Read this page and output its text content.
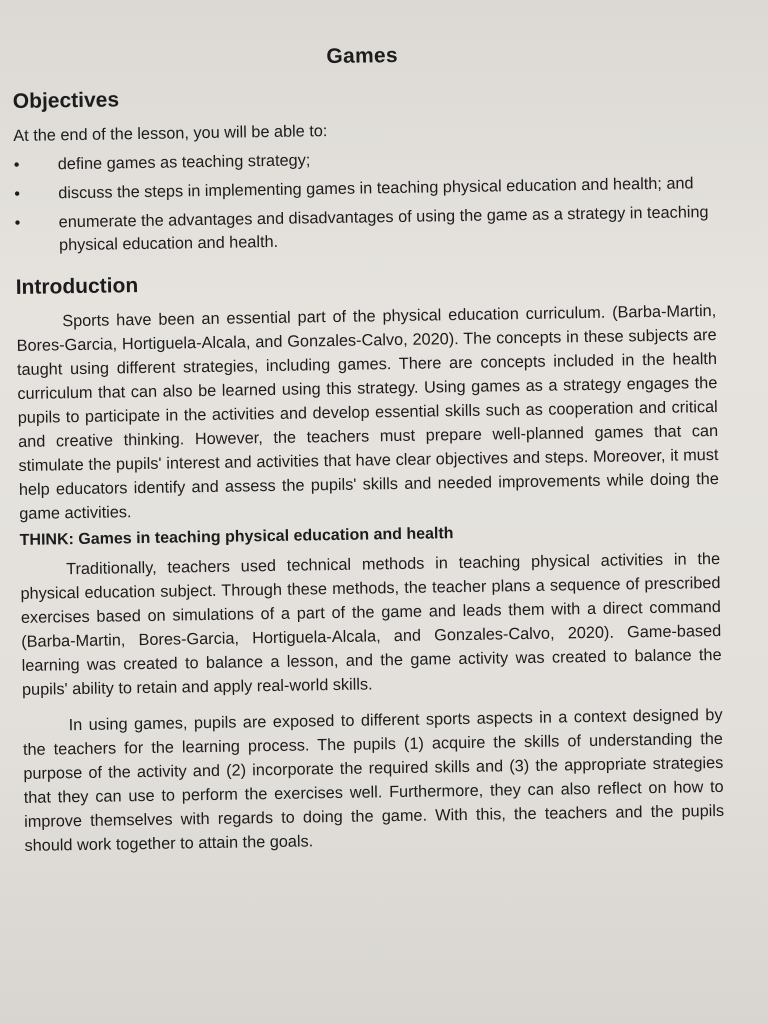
Games
Objectives

At the end of the lesson, you will be able to:

• define games as teaching strategy;
• discuss the steps in implementing games in teaching physical education and health; and
• enumerate the advantages and disadvantages of using the game as a strategy in teaching physical education and health.
Introduction

Sports have been an essential part of the physical education curriculum. (Barba-Martin, Bores-Garcia, Hortiguela-Alcala, and Gonzales-Calvo, 2020). The concepts in these subjects are taught using different strategies, including games. There are concepts included in the health curriculum that can also be learned using this strategy. Using games as a strategy engages the pupils to participate in the activities and develop essential skills such as cooperation and critical and creative thinking. However, the teachers must prepare well-planned games that can stimulate the pupils' interest and activities that have clear objectives and steps. Moreover, it must help educators identify and assess the pupils' skills and needed improvements while doing the game activities.

THINK: Games in teaching physical education and health

Traditionally, teachers used technical methods in teaching physical activities in the physical education subject. Through these methods, the teacher plans a sequence of prescribed exercises based on simulations of a part of the game and leads them with a direct command (Barba-Martin, Bores-Garcia, Hortiguela-Alcala, and Gonzales-Calvo, 2020). Game-based learning was created to balance a lesson, and the game activity was created to balance the pupils' ability to retain and apply real-world skills.

In using games, pupils are exposed to different sports aspects in a context designed by the teachers for the learning process. The pupils (1) acquire the skills of understanding the purpose of the activity and (2) incorporate the required skills and (3) the appropriate strategies that they can use to perform the exercises well. Furthermore, they can also reflect on how to improve themselves with regards to doing the game. With this, the teachers and the pupils should work together to attain the goals.
